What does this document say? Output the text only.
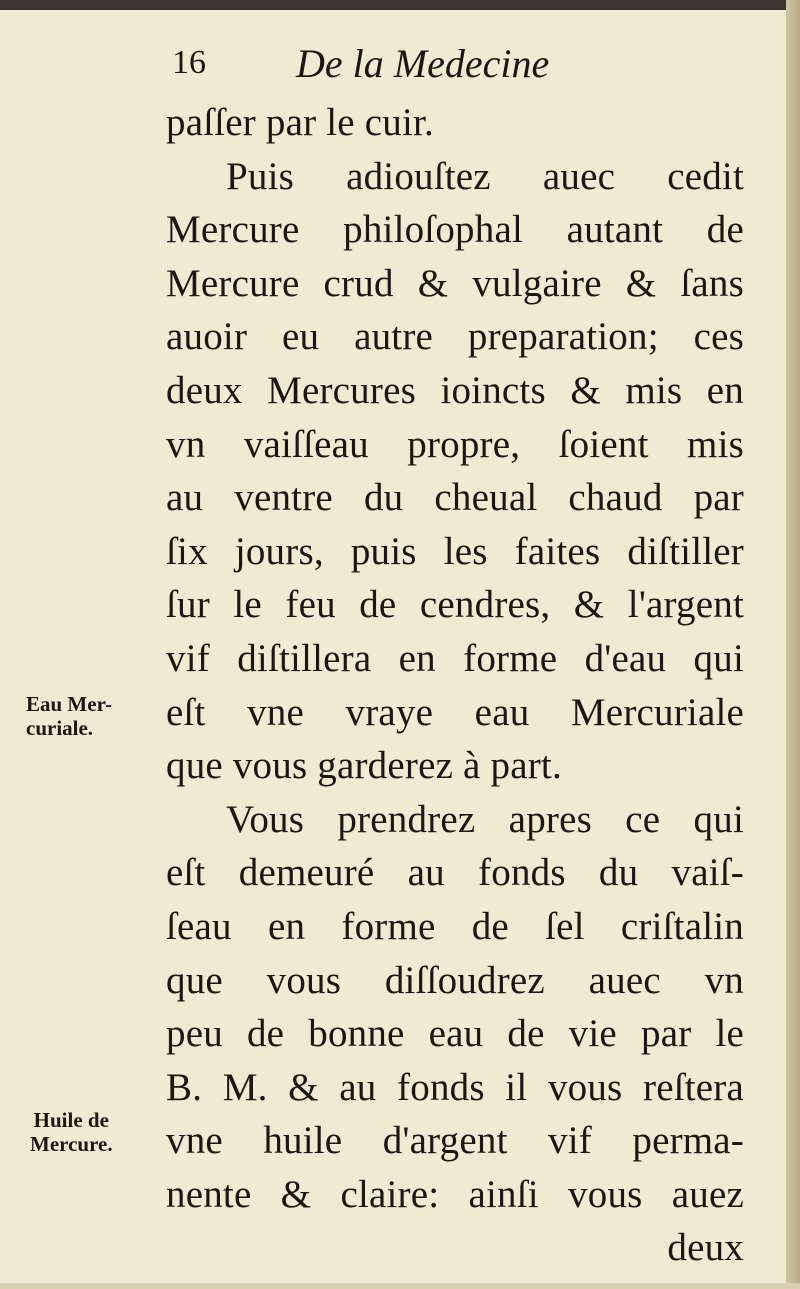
16 De la Medecine
paſſer par le cuir.
Puis adiouſtez auec cedit
Mercure philoſophal autant de
Mercure crud & vulgaire & ſans
auoir eu autre preparation; ces
deux Mercures ioincts & mis en
vn vaiſſeau propre, ſoient mis
au ventre du cheual chaud par
ſix jours, puis les faites diſtiller
ſur le feu de cendres, & l'argent
vif diſtillera en forme d'eau qui
eſt vne vraye eau Mercuriale
que vous garderez à part.
Vous prendrez apres ce qui
eſt demeuré au fonds du vaiſ-
ſeau en forme de ſel criſtalin
que vous diſſoudrez auec vn
peu de bonne eau de vie par le
B. M. & au fonds il vous reſtera
vne huile d'argent vif perma-
nente & claire: ainſi vous auez
deux
Eau Mer-
curiale.
Huile de
Mercure.
